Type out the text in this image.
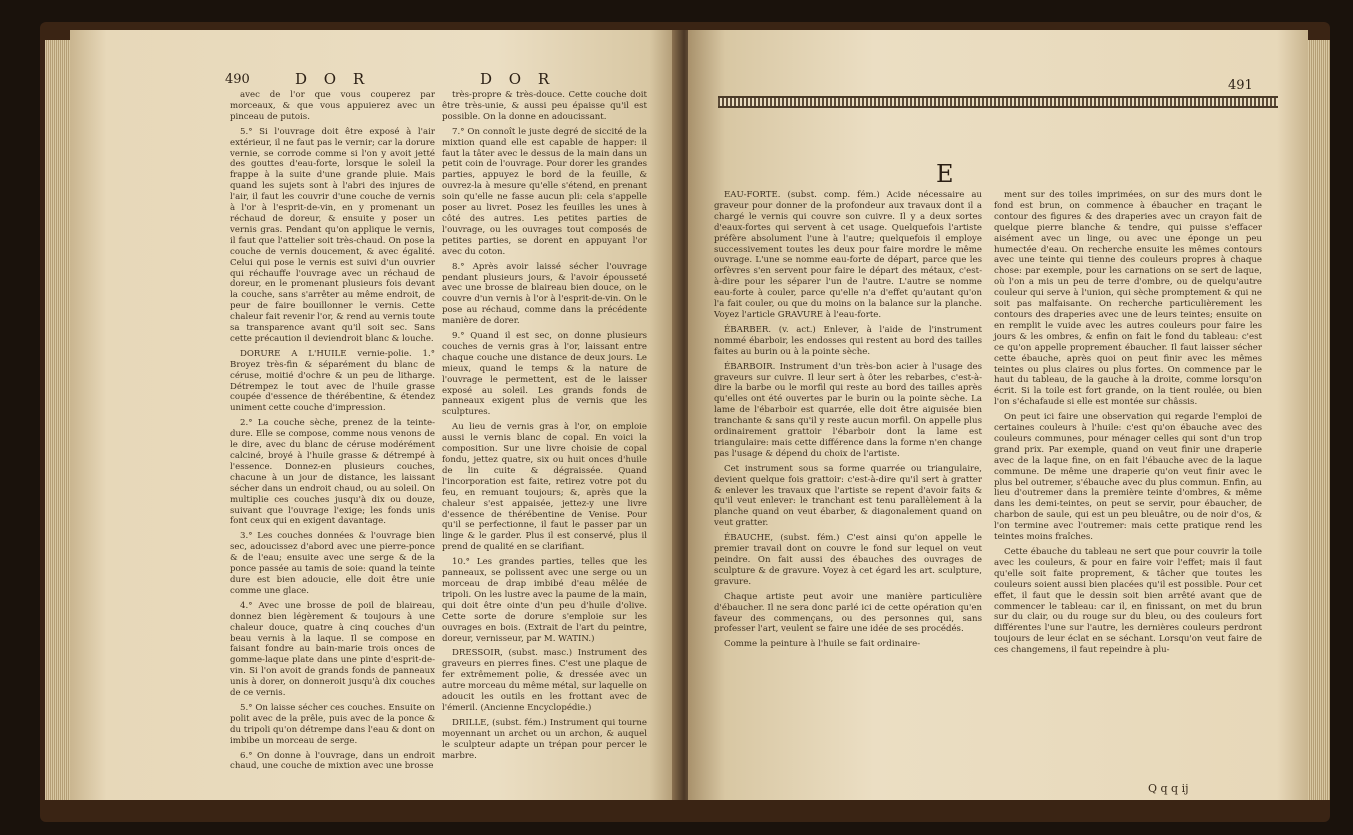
490	D O R	D O R

avec de l'or que vous couperez par morceaux, & que vous appuierez avec un pinceau de putois.

5.° Si l'ouvrage doit être exposé à l'air extérieur, il ne faut pas le vernir; car la dorure vernie, se corrode comme si l'on y avoit jetté des gouttes d'eau-forte, lorsque le soleil la frappe à la suite d'une grande pluie. Mais quand les sujets sont à l'abri des injures de l'air, il faut les couvrir d'une couche de vernis à l'or à l'esprit-de-vin, en y promenant un réchaud de doreur, & ensuite y poser un vernis gras. Pendant qu'on applique le vernis, il faut que l'attelier soit très-chaud. On pose la couche de vernis doucement, & avec égalité. Celui qui pose le vernis est suivi d'un ouvrier qui réchauffe l'ouvrage avec un réchaud de doreur, en le promenant plusieurs fois devant la couche, sans s'arrêter au même endroit, de peur de faire bouillonner le vernis. Cette chaleur fait revenir l'or, & rend au vernis toute sa transparence avant qu'il soit sec. Sans cette précaution il deviendroit blanc & louche.

DORURE A L'HUILE vernie-polie. 1.° Broyez très-fin & séparément du blanc de céruse, moitié d'ochre & un peu de litharge. Détrempez le tout avec de l'huile grasse coupée d'essence de thérébentine, & étendez uniment cette couche d'impression.

2.° La couche sèche, prenez de la teinte-dure. Elle se compose, comme nous venons de le dire, avec du blanc de céruse modérément calciné, broyé à l'huile grasse & détrempé à l'essence. Donnez-en plusieurs couches, chacune à un jour de distance, les laissant sécher dans un endroit chaud, ou au soleil. On multiplie ces couches jusqu'à dix ou douze, suivant que l'ouvrage l'exige; les fonds unis font ceux qui en exigent davantage.

3.° Les couches données & l'ouvrage bien sec, adoucissez d'abord avec une pierre-ponce & de l'eau; ensuite avec une serge & de la ponce passée au tamis de soie: quand la teinte dure est bien adoucie, elle doit être unie comme une glace.

4.° Avec une brosse de poil de blaireau, donnez bien légèrement & toujours à une chaleur douce, quatre à cinq couches d'un beau vernis à la laque. Il se compose en faisant fondre au bain-marie trois onces de gomme-laque plate dans une pinte d'esprit-de-vin. Si l'on avoit de grands fonds de panneaux unis à dorer, on donneroit jusqu'à dix couches de ce vernis.

5.° On laisse sécher ces couches. Ensuite on polit avec de la prêle, puis avec de la ponce & du tripoli qu'on détrempe dans l'eau & dont on imbibe un morceau de serge.

6.° On donne à l'ouvrage, dans un endroit chaud, une couche de mixtion avec une brosse

très-propre & très-douce. Cette couche doit être très-unie, & aussi peu épaisse qu'il est possible. On la donne en adoucissant.

7.° On connoît le juste degré de siccité de la mixtion quand elle est capable de happer: il faut la tâter avec le dessus de la main dans un petit coin de l'ouvrage. Pour dorer les grandes parties, appuyez le bord de la feuille, & ouvrez-la à mesure qu'elle s'étend, en prenant soin qu'elle ne fasse aucun pli: cela s'appelle poser au livret. Posez les feuilles les unes à côté des autres. Les petites parties de l'ouvrage, ou les ouvrages tout composés de petites parties, se dorent en appuyant l'or avec du coton.

8.° Après avoir laissé sécher l'ouvrage pendant plusieurs jours, & l'avoir épousseté avec une brosse de blaireau bien douce, on le couvre d'un vernis à l'or à l'esprit-de-vin. On le pose au réchaud, comme dans la précédente manière de dorer.

9.° Quand il est sec, on donne plusieurs couches de vernis gras à l'or, laissant entre chaque couche une distance de deux jours. Le mieux, quand le temps & la nature de l'ouvrage le permettent, est de le laisser exposé au soleil. Les grands fonds de panneaux exigent plus de vernis que les sculptures.

Au lieu de vernis gras à l'or, on emploie aussi le vernis blanc de copal. En voici la composition. Sur une livre choisie de copal fondu, jettez quatre, six ou huit onces d'huile de lin cuite & dégraissée. Quand l'incorporation est faite, retirez votre pot du feu, en remuant toujours; &, après que la chaleur s'est appaisée, jettez-y une livre d'essence de thérébentine de Venise. Pour qu'il se perfectionne, il faut le passer par un linge & le garder. Plus il est conservé, plus il prend de qualité en se clarifiant.

10.° Les grandes parties, telles que les panneaux, se polissent avec une serge ou un morceau de drap imbibé d'eau mêlée de tripoli. On les lustre avec la paume de la main, qui doit être ointe d'un peu d'huile d'olive. Cette sorte de dorure s'emploie sur les ouvrages en bois. (Extrait de l'art du peintre, doreur, vernisseur, par M. WATIN.)

DRESSOIR, (subst. masc.) Instrument des graveurs en pierres fines. C'est une plaque de fer extrêmement polie, & dressée avec un autre morceau du même métal, sur laquelle on adoucit les outils en les frottant avec de l'émeril. (Ancienne Encyclopédie.)

DRILLE, (subst. fém.) Instrument qui tourne moyennant un archet ou un archon, & auquel le sculpteur adapte un trépan pour percer le marbre.

491
E

EAU-FORTE. (subst. comp. fém.) Acide nécessaire au graveur pour donner de la profondeur aux travaux dont il a chargé le vernis qui couvre son cuivre. Il y a deux sortes d'eaux-fortes qui servent à cet usage. Quelquefois l'artiste préfère absolument l'une à l'autre; quelquefois il employe successivement toutes les deux pour faire mordre le même ouvrage. L'une se nomme eau-forte de départ, parce que les orfèvres s'en servent pour faire le départ des métaux, c'est-à-dire pour les séparer l'un de l'autre. L'autre se nomme eau-forte à couler, parce qu'elle n'a d'effet qu'autant qu'on l'a fait couler, ou que du moins on la balance sur la planche. Voyez l'article GRAVURE à l'eau-forte.

ÉBARBER. (v. act.) Enlever, à l'aide de l'instrument nommé ébarboir, les endosses qui restent au bord des tailles faites au burin ou à la pointe sèche.

ÉBARBOIR. Instrument d'un très-bon acier à l'usage des graveurs sur cuivre. Il leur sert à ôter les rebarbes, c'est-à-dire la barbe ou le morfil qui reste au bord des tailles après qu'elles ont été ouvertes par le burin ou la pointe sèche. La lame de l'ébarboir est quarrée, elle doit être aiguisée bien tranchante & sans qu'il y reste aucun morfil. On appelle plus ordinairement grattoir l'ébarboir dont la lame est triangulaire: mais cette différence dans la forme n'en change pas l'usage & dépend du choix de l'artiste.

Cet instrument sous sa forme quarrée ou triangulaire, devient quelque fois grattoir: c'est-à-dire qu'il sert à gratter & enlever les travaux que l'artiste se repent d'avoir faits & qu'il veut enlever: le tranchant est tenu parallèlement à la planche quand on veut ébarber, & diagonalement quand on veut gratter.

ÉBAUCHE, (subst. fém.) C'est ainsi qu'on appelle le premier travail dont on couvre le fond sur lequel on veut peindre. On fait aussi des ébauches des ouvrages de sculpture & de gravure. Voyez à cet égard les art. sculpture, gravure.

Chaque artiste peut avoir une manière particulière d'ébaucher. Il ne sera donc parlé ici de cette opération qu'en faveur des commençans, ou des personnes qui, sans professer l'art, veulent se faire une idée de ses procédés.

Comme la peinture à l'huile se fait ordinaire-

ment sur des toiles imprimées, on sur des murs dont le fond est brun, on commence à ébaucher en traçant le contour des figures & des draperies avec un crayon fait de quelque pierre blanche & tendre, qui puisse s'effacer aisément avec un linge, ou avec une éponge un peu humectée d'eau. On recherche ensuite les mêmes contours avec une teinte qui tienne des couleurs propres à chaque chose: par exemple, pour les carnations on se sert de laque, où l'on a mis un peu de terre d'ombre, ou de quelqu'autre couleur qui serve à l'union, qui sèche promptement & qui ne soit pas malfaisante. On recherche particulièrement les contours des draperies avec une de leurs teintes; ensuite on en remplit le vuide avec les autres couleurs pour faire les jours & les ombres, & enfin on fait le fond du tableau: c'est ce qu'on appelle proprement ébaucher. Il faut laisser sécher cette ébauche, après quoi on peut finir avec les mêmes teintes ou plus claires ou plus fortes. On commence par le haut du tableau, de la gauche à la droite, comme lorsqu'on écrit. Si la toile est fort grande, on la tient roulée, ou bien l'on s'échafaude si elle est montée sur châssis.

On peut ici faire une observation qui regarde l'emploi de certaines couleurs à l'huile: c'est qu'on ébauche avec des couleurs communes, pour ménager celles qui sont d'un trop grand prix. Par exemple, quand on veut finir une draperie avec de la laque fine, on en fait l'ébauche avec de la laque commune. De même une draperie qu'on veut finir avec le plus bel outremer, s'ébauche avec du plus commun. Enfin, au lieu d'outremer dans la première teinte d'ombres, & même dans les demi-teintes, on peut se servir, pour ébaucher, de charbon de saule, qui est un peu bleuâtre, ou de noir d'os, & l'on termine avec l'outremer: mais cette pratique rend les teintes moins fraîches.

Cette ébauche du tableau ne sert que pour couvrir la toile avec les couleurs, & pour en faire voir l'effet; mais il faut qu'elle soit faite proprement, & tâcher que toutes les couleurs soient aussi bien placées qu'il est possible. Pour cet effet, il faut que le dessin soit bien arrêté avant que de commencer le tableau: car il, en finissant, on met du brun sur du clair, ou du rouge sur du bleu, ou des couleurs fort différentes l'une sur l'autre, les dernières couleurs perdront toujours de leur éclat en se séchant. Lorsqu'on veut faire de ces changemens, il faut repeindre à plu-

Q q q ij
